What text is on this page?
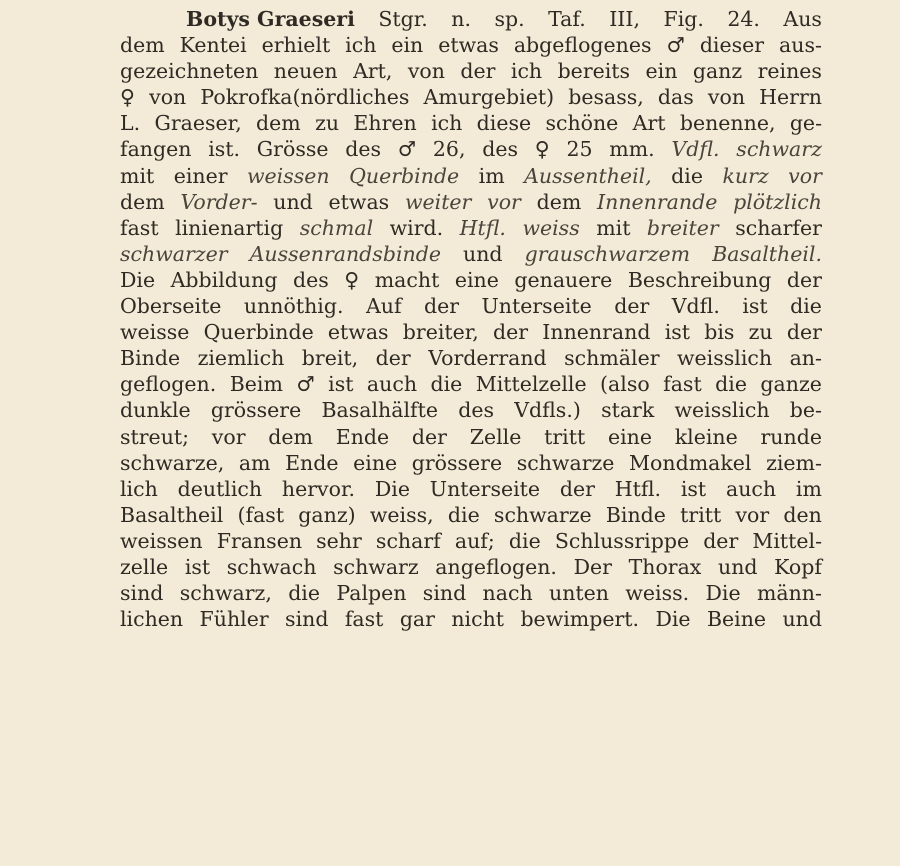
Botys Graeseri Stgr. n. sp. Taf. III, Fig. 24. Aus
dem Kentei erhielt ich ein etwas abgeflogenes ♂ dieser aus-
gezeichneten neuen Art, von der ich bereits ein ganz reines
♀ von Pokrofka(nördliches Amurgebiet) besass, das von Herrn
L. Graeser, dem zu Ehren ich diese schöne Art benenne, ge-
fangen ist. Grösse des ♂ 26, des ♀ 25 mm. Vdfl. schwarz
mit einer weissen Querbinde im Aussentheil, die kurz vor
dem Vorder- und etwas weiter vor dem Innenrande plötzlich
fast linienartig schmal wird. Htfl. weiss mit breiter scharfer
schwarzer Aussenrandsbinde und grauschwarzem Basaltheil.
Die Abbildung des ♀ macht eine genauere Beschreibung der
Oberseite unnöthig. Auf der Unterseite der Vdfl. ist die
weisse Querbinde etwas breiter, der Innenrand ist bis zu der
Binde ziemlich breit, der Vorderrand schmäler weisslich an-
geflogen. Beim ♂ ist auch die Mittelzelle (also fast die ganze
dunkle grössere Basalhälfte des Vdfls.) stark weisslich be-
streut; vor dem Ende der Zelle tritt eine kleine runde
schwarze, am Ende eine grössere schwarze Mondmakel ziem-
lich deutlich hervor. Die Unterseite der Htfl. ist auch im
Basaltheil (fast ganz) weiss, die schwarze Binde tritt vor den
weissen Fransen sehr scharf auf; die Schlussrippe der Mittel-
zelle ist schwach schwarz angeflogen. Der Thorax und Kopf
sind schwarz, die Palpen sind nach unten weiss. Die männ-
lichen Fühler sind fast gar nicht bewimpert. Die Beine und
